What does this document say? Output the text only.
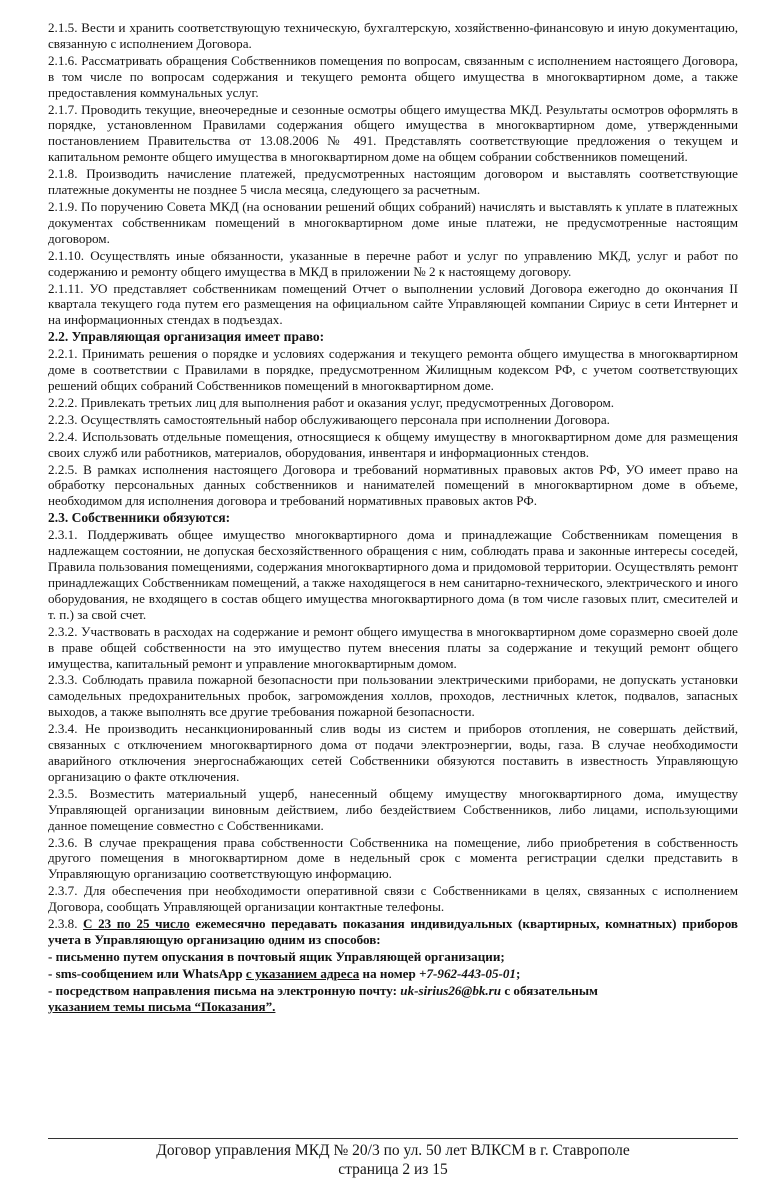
2.1.5. Вести и хранить соответствующую техническую, бухгалтерскую, хозяйственно-финансовую и иную документацию, связанную с исполнением Договора.

2.1.6. Рассматривать обращения Собственников помещения по вопросам, связанным с исполнением настоящего Договора, в том числе по вопросам содержания и текущего ремонта общего имущества в многоквартирном доме, а также предоставления коммунальных услуг.

2.1.7. Проводить текущие, внеочередные и сезонные осмотры общего имущества МКД. Результаты осмотров оформлять в порядке, установленном Правилами содержания общего имущества в многоквартирном доме, утвержденными постановлением Правительства от 13.08.2006 № 491. Представлять соответствующие предложения о текущем и капитальном ремонте общего имущества в многоквартирном доме на общем собрании собственников помещений.

2.1.8. Производить начисление платежей, предусмотренных настоящим договором и выставлять соответствующие платежные документы не позднее 5 числа месяца, следующего за расчетным.

2.1.9. По поручению Совета МКД (на основании решений общих собраний) начислять и выставлять к уплате в платежных документах собственникам помещений в многоквартирном доме иные платежи, не предусмотренные настоящим договором.

2.1.10. Осуществлять иные обязанности, указанные в перечне работ и услуг по управлению МКД, услуг и работ по содержанию и ремонту общего имущества в МКД в приложении № 2 к настоящему договору.

2.1.11. УО представляет собственникам помещений Отчет о выполнении условий Договора ежегодно до окончания II квартала текущего года путем его размещения на официальном сайте Управляющей компании Сириус в сети Интернет и на информационных стендах в подъездах.

2.2. Управляющая организация имеет право:

2.2.1. Принимать решения о порядке и условиях содержания и текущего ремонта общего имущества в многоквартирном доме в соответствии с Правилами в порядке, предусмотренном Жилищным кодексом РФ, с учетом соответствующих решений общих собраний Собственников помещений в многоквартирном доме.

2.2.2. Привлекать третьих лиц для выполнения работ и оказания услуг, предусмотренных Договором.

2.2.3. Осуществлять самостоятельный набор обслуживающего персонала при исполнении Договора.

2.2.4. Использовать отдельные помещения, относящиеся к общему имуществу в многоквартирном доме для размещения своих служб или работников, материалов, оборудования, инвентаря и информационных стендов.

2.2.5. В рамках исполнения настоящего Договора и требований нормативных правовых актов РФ, УО имеет право на обработку персональных данных собственников и нанимателей помещений в многоквартирном доме в объеме, необходимом для исполнения договора и требований нормативных правовых актов РФ.

2.3. Собственники обязуются:

2.3.1. Поддерживать общее имущество многоквартирного дома и принадлежащие Собственникам помещения в надлежащем состоянии, не допуская бесхозяйственного обращения с ним, соблюдать права и законные интересы соседей, Правила пользования помещениями, содержания многоквартирного дома и придомовой территории. Осуществлять ремонт принадлежащих Собственникам помещений, а также находящегося в нем санитарно-технического, электрического и иного оборудования, не входящего в состав общего имущества многоквартирного дома (в том числе газовых плит, смесителей и т. п.) за свой счет.

2.3.2. Участвовать в расходах на содержание и ремонт общего имущества в многоквартирном доме соразмерно своей доле в праве общей собственности на это имущество путем внесения платы за содержание и текущий ремонт общего имущества, капитальный ремонт и управление многоквартирным домом.

2.3.3. Соблюдать правила пожарной безопасности при пользовании электрическими приборами, не допускать установки самодельных предохранительных пробок, загромождения холлов, проходов, лестничных клеток, подвалов, запасных выходов, а также выполнять все другие требования пожарной безопасности.

2.3.4. Не производить несанкционированный слив воды из систем и приборов отопления, не совершать действий, связанных с отключением многоквартирного дома от подачи электроэнергии, воды, газа. В случае необходимости аварийного отключения энергоснабжающих сетей Собственники обязуются поставить в известность Управляющую организацию о факте отключения.

2.3.5. Возместить материальный ущерб, нанесенный общему имуществу многоквартирного дома, имуществу Управляющей организации виновным действием, либо бездействием Собственников, либо лицами, использующими данное помещение совместно с Собственниками.

2.3.6. В случае прекращения права собственности Собственника на помещение, либо приобретения в собственность другого помещения в многоквартирном доме в недельный срок с момента регистрации сделки представить в Управляющую организацию соответствующую информацию.

2.3.7. Для обеспечения при необходимости оперативной связи с Собственниками в целях, связанных с исполнением Договора, сообщать Управляющей организации контактные телефоны.

2.3.8. С 23 по 25 число ежемесячно передавать показания индивидуальных (квартирных, комнатных) приборов учета в Управляющую организацию одним из способов:

- письменно путем опускания в почтовый ящик Управляющей организации;

- sms-сообщением или WhatsApp с указанием адреса на номер +7-962-443-05-01;

- посредством направления письма на электронную почту: uk-sirius26@bk.ru с обязательным
указанием темы письма “Показания”.

Договор управления МКД № 20/3 по ул. 50 лет ВЛКСМ в г. Ставрополе
страница 2 из 15
